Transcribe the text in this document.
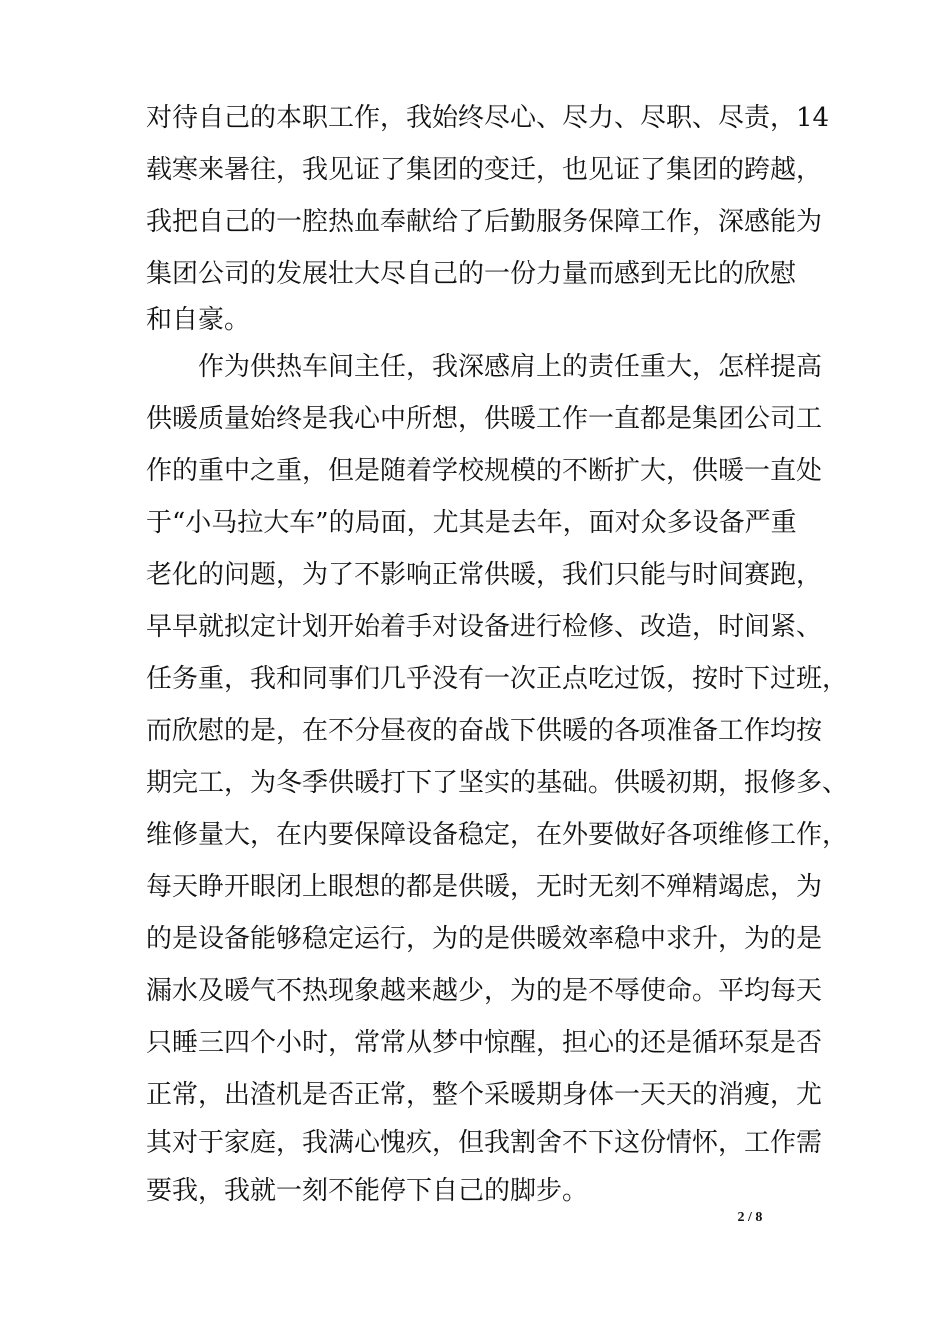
对待自己的本职工作，我始终尽心、尽力、尽职、尽责，14
载寒来暑往，我见证了集团的变迁，也见证了集团的跨越，
我把自己的一腔热血奉献给了后勤服务保障工作，深感能为
集团公司的发展壮大尽自己的一份力量而感到无比的欣慰
和自豪。
作为供热车间主任，我深感肩上的责任重大，怎样提高
供暖质量始终是我心中所想，供暖工作一直都是集团公司工
作的重中之重，但是随着学校规模的不断扩大，供暖一直处
于“小马拉大车”的局面，尤其是去年，面对众多设备严重
老化的问题，为了不影响正常供暖，我们只能与时间赛跑，
早早就拟定计划开始着手对设备进行检修、改造，时间紧、
任务重，我和同事们几乎没有一次正点吃过饭，按时下过班，
而欣慰的是，在不分昼夜的奋战下供暖的各项准备工作均按
期完工，为冬季供暖打下了坚实的基础。供暖初期，报修多、
维修量大，在内要保障设备稳定，在外要做好各项维修工作，
每天睁开眼闭上眼想的都是供暖，无时无刻不殚精竭虑，为
的是设备能够稳定运行，为的是供暖效率稳中求升，为的是
漏水及暖气不热现象越来越少，为的是不辱使命。平均每天
只睡三四个小时，常常从梦中惊醒，担心的还是循环泵是否
正常，出渣机是否正常，整个采暖期身体一天天的消瘦，尤
其对于家庭，我满心愧疚，但我割舍不下这份情怀，工作需
要我，我就一刻不能停下自己的脚步。
2 / 8
